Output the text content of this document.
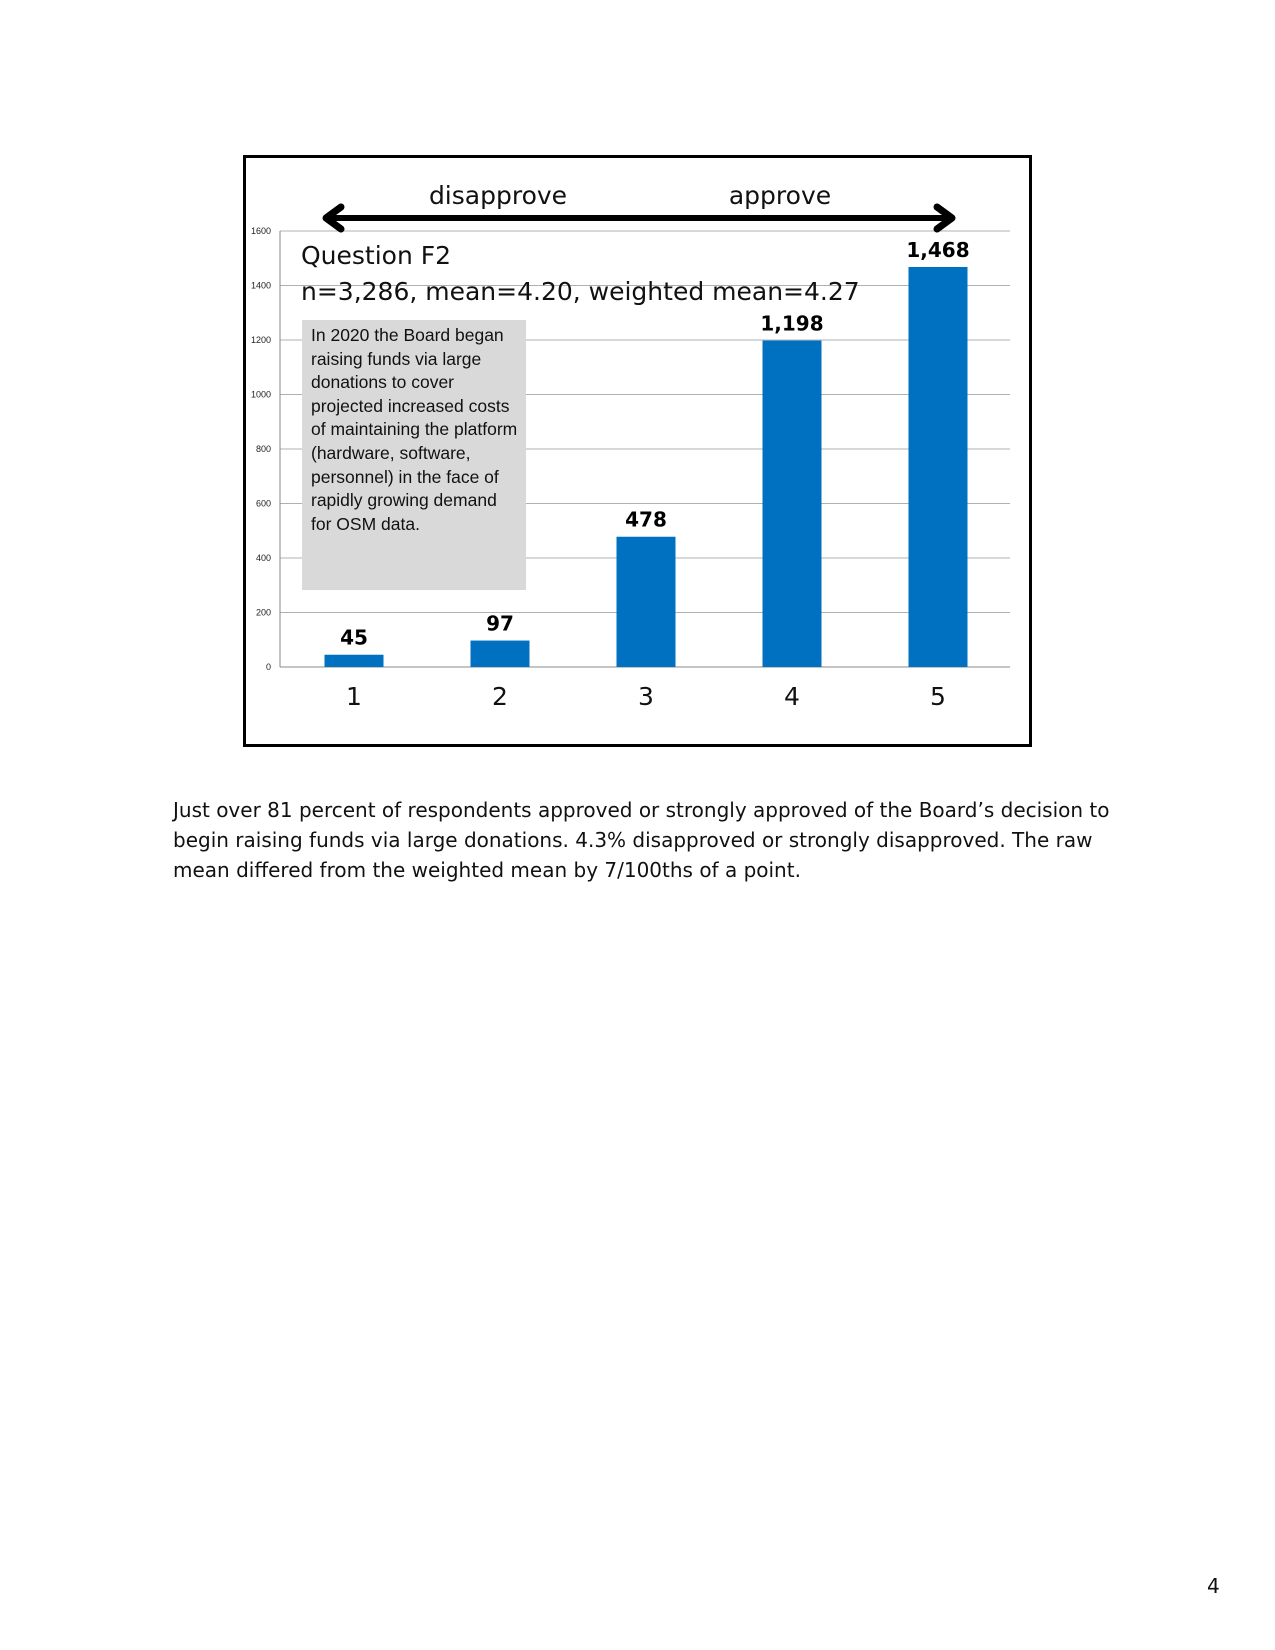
0
200
400
600
800
1000
1200
1400
1600
45
97
478
1,198
1,468
1	2	3	4	5
disapprove	approve
Question F2
n=3,286, mean=4.20, weighted mean=4.27
In 2020 the Board began raising funds via large donations to cover projected increased costs of maintaining the platform (hardware, software, personnel) in the face of rapidly growing demand for OSM data.

Just over 81 percent of respondents approved or strongly approved of the Board’s decision to begin raising funds via large donations. 4.3% disapproved or strongly disapproved. The raw mean differed from the weighted mean by 7/100ths of a point.

4
